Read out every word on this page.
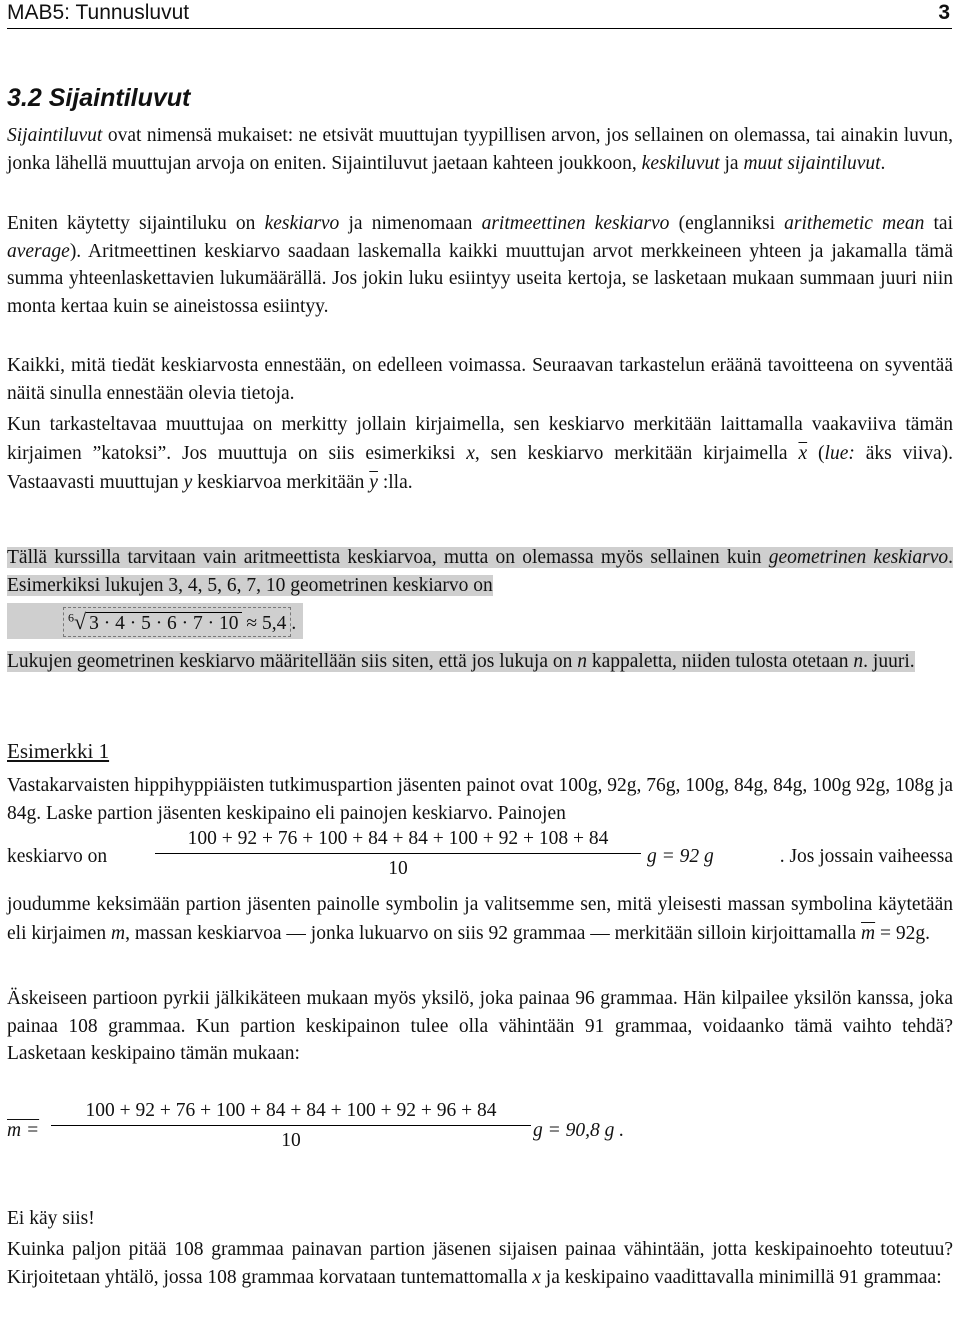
MAB5: Tunnusluvut	3
3.2 Sijaintiluvut
Sijaintiluvut ovat nimensä mukaiset: ne etsivät muuttujan tyypillisen arvon, jos sellainen on olemassa, tai ainakin luvun, jonka lähellä muuttujan arvoja on eniten. Sijaintiluvut jaetaan kahteen joukkoon, keskiluvut ja muut sijaintiluvut.
Eniten käytetty sijaintiluku on keskiarvo ja nimenomaan aritmeettinen keskiarvo (englanniksi arithemetic mean tai average). Aritmeettinen keskiarvo saadaan laskemalla kaikki muuttujan arvot merkkeineen yhteen ja jakamalla tämä summa yhteenlaskettavien lukumäärällä. Jos jokin luku esiintyy useita kertoja, se lasketaan mukaan summaan juuri niin monta kertaa kuin se aineistossa esiintyy.
Kaikki, mitä tiedät keskiarvosta ennestään, on edelleen voimassa. Seuraavan tarkastelun eräänä tavoitteena on syventää näitä sinulla ennestään olevia tietoja.
Kun tarkasteltavaa muuttujaa on merkitty jollain kirjaimella, sen keskiarvo merkitään laittamalla vaakaviiva tämän kirjaimen ”katoksi”. Jos muuttuja on siis esimerkiksi x, sen keskiarvo merkitään kirjaimella $\overline{x}$ (lue: äks viiva). Vastaavasti muuttujan y keskiarvoa merkitään $\overline{y}$ :lla.
Tällä kurssilla tarvitaan vain aritmeettista keskiarvoa, mutta on olemassa myös sellainen kuin geometrinen keskiarvo. Esimerkiksi lukujen 3, 4, 5, 6, 7, 10 geometrinen keskiarvo on
$^6$√ 3 · 4 · 5 · 6 · 7 · 10 ≈ 5,4 .
Lukujen geometrinen keskiarvo määritellään siis siten, että jos lukuja on n kappaletta, niiden tulosta otetaan n. juuri.
Esimerkki 1
Vastakarvaisten hippihyppiäisten tutkimuspartion jäsenten painot ovat 100g, 92g, 76g, 100g, 84g, 84g, 100g 92g, 108g ja 84g. Laske partion jäsenten keskipaino eli painojen keskiarvo. Painojen
keskiarvo on $\frac{100 + 92 + 76 + 100 + 84 + 84 + 100 + 92 + 108 + 84}{10}$ g = 92 g	. Jos jossain vaiheessa
joudumme keksimään partion jäsenten painolle symbolin ja valitsemme sen, mitä yleisesti massan symbolina käytetään eli kirjaimen m, massan keskiarvoa — jonka lukuarvo on siis 92 grammaa — merkitään silloin kirjoittamalla $\overline{m} = 92g$.
Äskeiseen partioon pyrkii jälkikäteen mukaan myös yksilö, joka painaa 96 grammaa. Hän kilpailee yksilön kanssa, joka painaa 108 grammaa. Kun partion keskipainon tulee olla vähintään 91 grammaa, voidaanko tämä vaihto tehdä? Lasketaan keskipaino tämän mukaan:
$m = \frac{100 + 92 + 76 + 100 + 84 + 84 + 100 + 92 + 96 + 84}{10}$ g = 90,8 g .
Ei käy siis!
Kuinka paljon pitää 108 grammaa painavan partion jäsenen sijaisen painaa vähintään, jotta keskipainoehto toteutuu? Kirjoitetaan yhtälö, jossa 108 grammaa korvataan tuntemattomalla x ja keskipaino vaadittavalla minimillä 91 grammaa:
